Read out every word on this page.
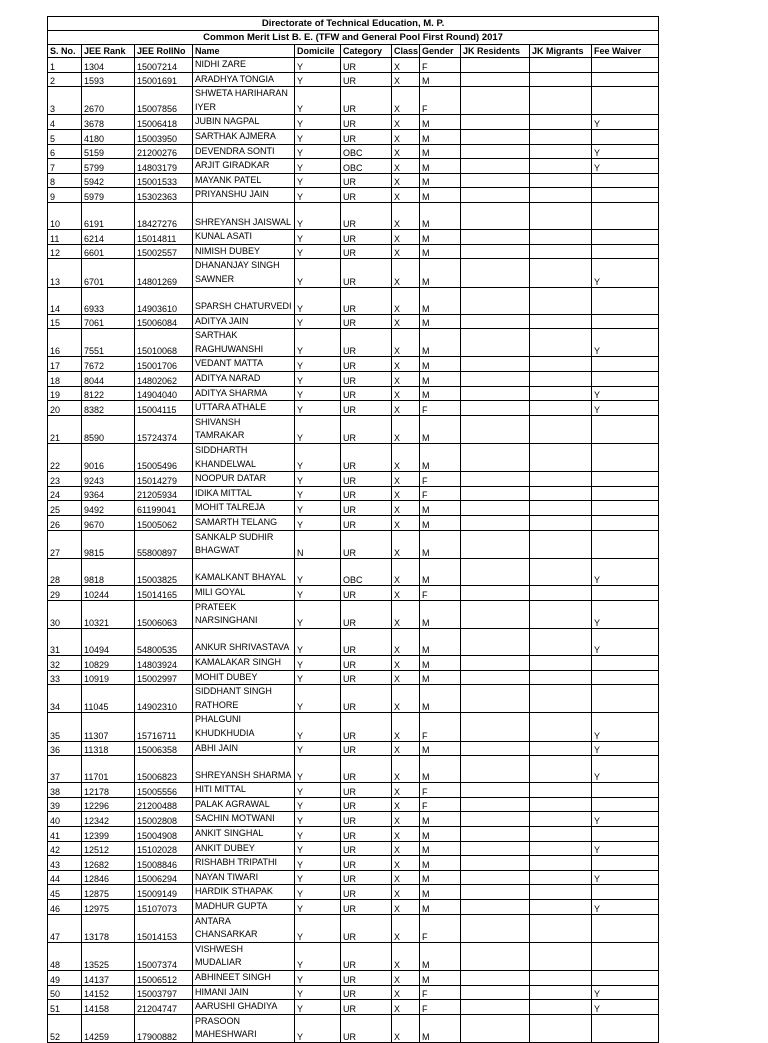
Directorate of Technical Education, M. P.										
Common Merit List B. E. (TFW and General Pool First Round) 2017										
S. No.	JEE Rank	JEE RollNo	Name	Domicile	Category	Class	Gender	JK Residents	JK Migrants	Fee Waiver
1	1304	15007214	NIDHI ZARE	Y	UR	X	F			
2	1593	15001691	ARADHYA TONGIA	Y	UR	X	M			
3	2670	15007856	SHWETA HARIHARAN
IYER	Y	UR	X	F			
4	3678	15006418	JUBIN NAGPAL	Y	UR	X	M			Y
5	4180	15003950	SARTHAK AJMERA	Y	UR	X	M			
6	5159	21200276	DEVENDRA SONTI	Y	OBC	X	M			Y
7	5799	14803179	ARJIT GIRADKAR	Y	OBC	X	M			Y
8	5942	15001533	MAYANK PATEL	Y	UR	X	M			
9	5979	15302363	PRIYANSHU JAIN	Y	UR	X	M			
10	6191	18427276	SHREYANSH JAISWAL	Y	UR	X	M			
11	6214	15014811	KUNAL ASATI	Y	UR	X	M			
12	6601	15002557	NIMISH DUBEY	Y	UR	X	M			
13	6701	14801269	DHANANJAY SINGH
SAWNER	Y	UR	X	M			Y
14	6933	14903610	SPARSH CHATURVEDI	Y	UR	X	M			
15	7061	15006084	ADITYA JAIN	Y	UR	X	M			
16	7551	15010068	SARTHAK
RAGHUWANSHI	Y	UR	X	M			Y
17	7672	15001706	VEDANT MATTA	Y	UR	X	M			
18	8044	14802062	ADITYA NARAD	Y	UR	X	M			
19	8122	14904040	ADITYA SHARMA	Y	UR	X	M			Y
20	8382	15004115	UTTARA ATHALE	Y	UR	X	F			Y
21	8590	15724374	SHIVANSH
TAMRAKAR	Y	UR	X	M			
22	9016	15005496	SIDDHARTH
KHANDELWAL	Y	UR	X	M			
23	9243	15014279	NOOPUR DATAR	Y	UR	X	F			
24	9364	21205934	IDIKA MITTAL	Y	UR	X	F			
25	9492	61199041	MOHIT TALREJA	Y	UR	X	M			
26	9670	15005062	SAMARTH TELANG	Y	UR	X	M			
27	9815	55800897	SANKALP SUDHIR
BHAGWAT	N	UR	X	M			
28	9818	15003825	KAMALKANT BHAYAL	Y	OBC	X	M			Y
29	10244	15014165	MILI GOYAL	Y	UR	X	F			
30	10321	15006063	PRATEEK
NARSINGHANI	Y	UR	X	M			Y
31	10494	54800535	ANKUR SHRIVASTAVA	Y	UR	X	M			Y
32	10829	14803924	KAMALAKAR SINGH	Y	UR	X	M			
33	10919	15002997	MOHIT DUBEY	Y	UR	X	M			
34	11045	14902310	SIDDHANT SINGH
RATHORE	Y	UR	X	M			
35	11307	15716711	PHALGUNI
KHUDKHUDIA	Y	UR	X	F			Y
36	11318	15006358	ABHI JAIN	Y	UR	X	M			Y
37	11701	15006823	SHREYANSH SHARMA	Y	UR	X	M			Y
38	12178	15005556	HITI MITTAL	Y	UR	X	F			
39	12296	21200488	PALAK AGRAWAL	Y	UR	X	F			
40	12342	15002808	SACHIN MOTWANI	Y	UR	X	M			Y
41	12399	15004908	ANKIT SINGHAL	Y	UR	X	M			
42	12512	15102028	ANKIT DUBEY	Y	UR	X	M			Y
43	12682	15008846	RISHABH TRIPATHI	Y	UR	X	M			
44	12846	15006294	NAYAN TIWARI	Y	UR	X	M			Y
45	12875	15009149	HARDIK STHAPAK	Y	UR	X	M			
46	12975	15107073	MADHUR GUPTA	Y	UR	X	M			Y
47	13178	15014153	ANTARA
CHANSARKAR	Y	UR	X	F			
48	13525	15007374	VISHWESH
MUDALIAR	Y	UR	X	M			
49	14137	15006512	ABHINEET SINGH	Y	UR	X	M			
50	14152	15003797	HIMANI JAIN	Y	UR	X	F			Y
51	14158	21204747	AARUSHI GHADIYA	Y	UR	X	F			Y
52	14259	17900882	PRASOON
MAHESHWARI	Y	UR	X	M			
